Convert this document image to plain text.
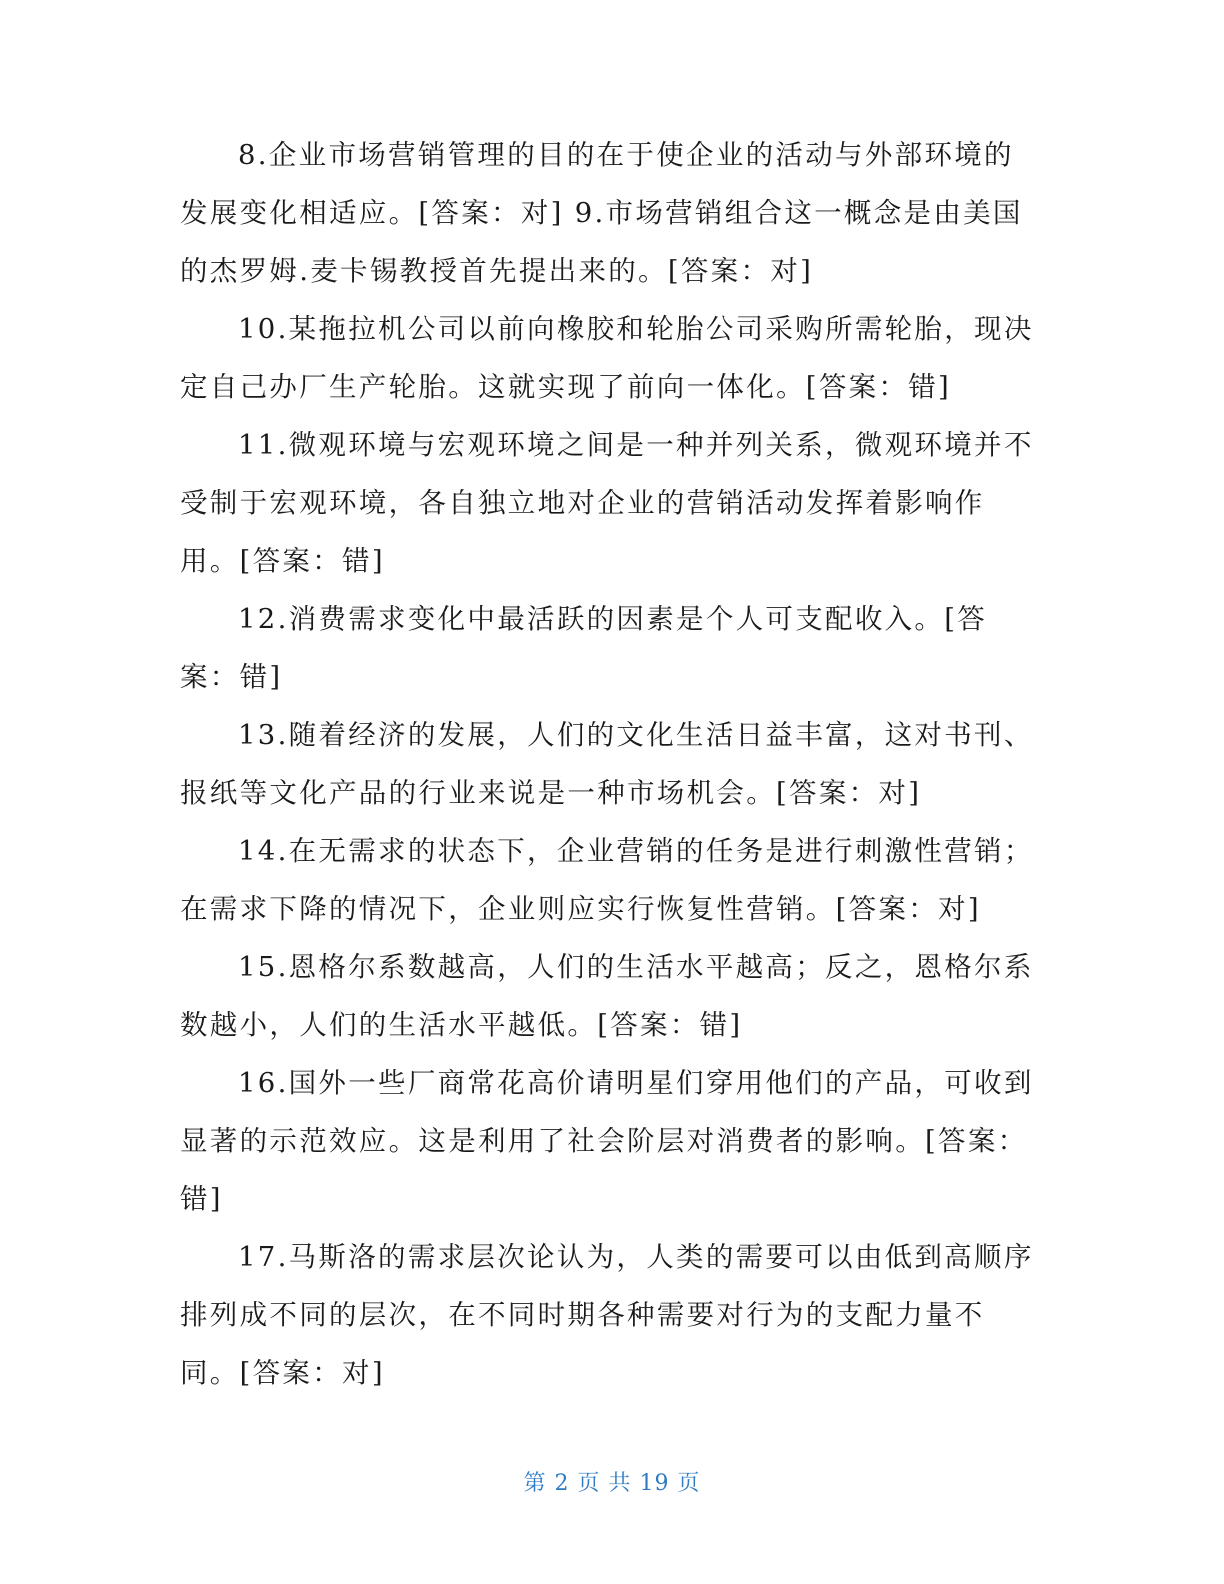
8.企业市场营销管理的目的在于使企业的活动与外部环境的
发展变化相适应。[答案：对] 9.市场营销组合这一概念是由美国
的杰罗姆.麦卡锡教授首先提出来的。[答案：对]

10.某拖拉机公司以前向橡胶和轮胎公司采购所需轮胎，现决
定自己办厂生产轮胎。这就实现了前向一体化。[答案：错]

11.微观环境与宏观环境之间是一种并列关系，微观环境并不
受制于宏观环境，各自独立地对企业的营销活动发挥着影响作
用。[答案：错]

12.消费需求变化中最活跃的因素是个人可支配收入。[答
案：错]

13.随着经济的发展，人们的文化生活日益丰富，这对书刊、
报纸等文化产品的行业来说是一种市场机会。[答案：对]

14.在无需求的状态下，企业营销的任务是进行刺激性营销；
在需求下降的情况下，企业则应实行恢复性营销。[答案：对]

15.恩格尔系数越高，人们的生活水平越高；反之，恩格尔系
数越小，人们的生活水平越低。[答案：错]

16.国外一些厂商常花高价请明星们穿用他们的产品，可收到
显著的示范效应。这是利用了社会阶层对消费者的影响。[答案：
错]

17.马斯洛的需求层次论认为，人类的需要可以由低到高顺序
排列成不同的层次，在不同时期各种需要对行为的支配力量不
同。[答案：对]

第 2 页 共 19 页
